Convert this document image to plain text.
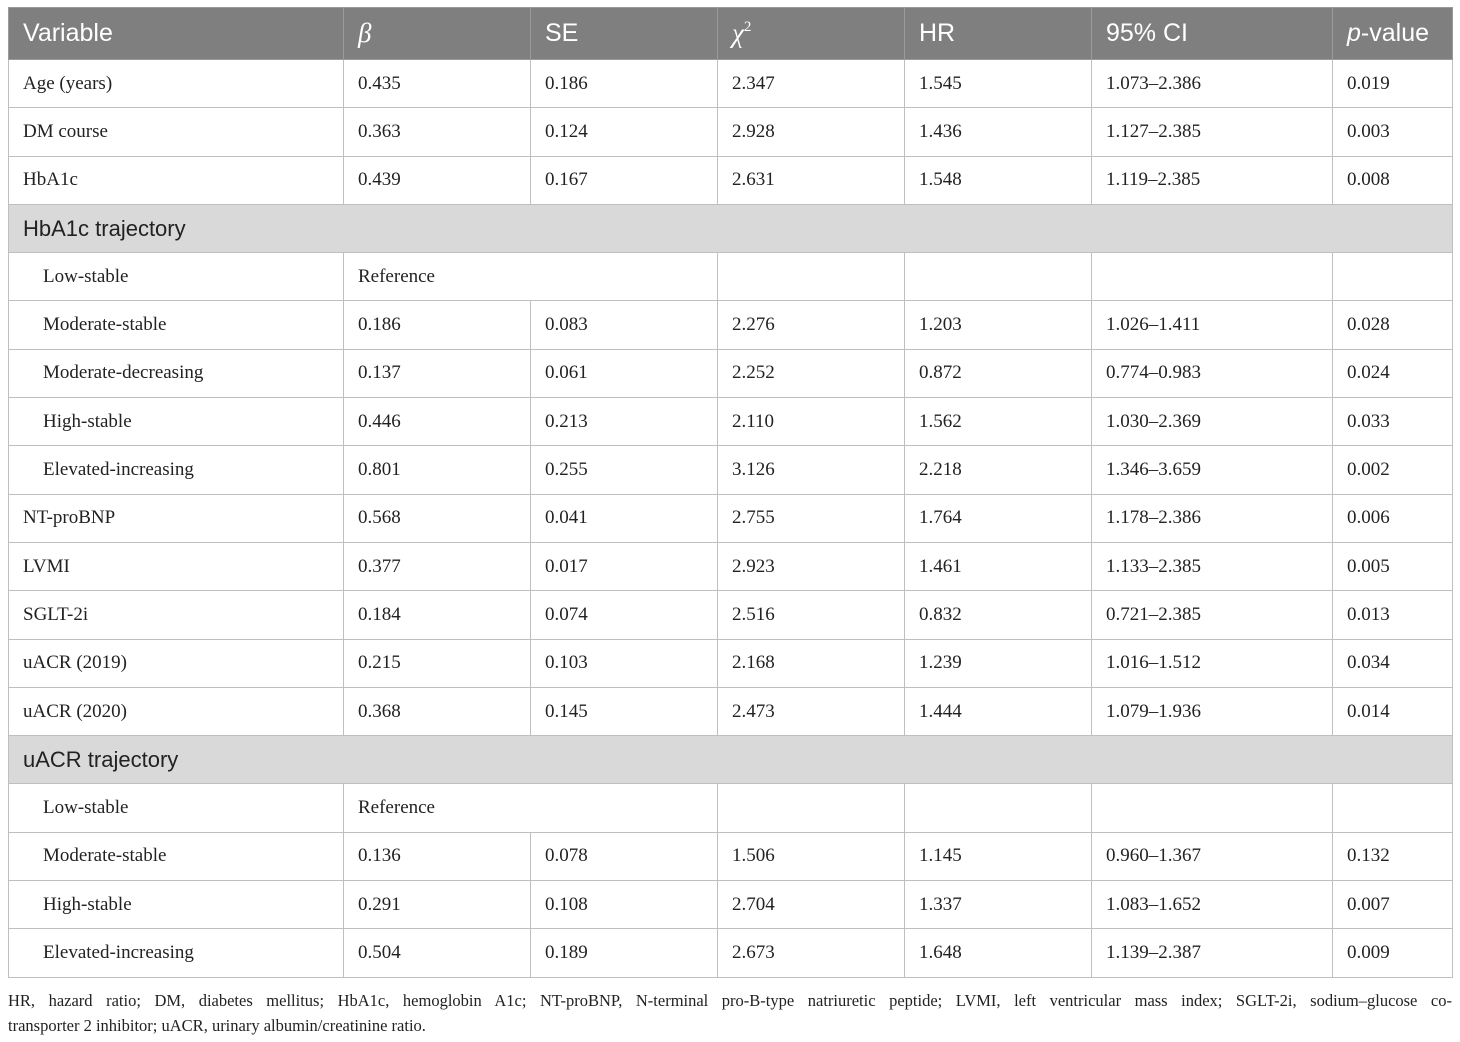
Variable	β	SE	$\chi^2$	HR	95% CI	p-value
Age (years)	0.435	0.186	2.347	1.545	1.073–2.386	0.019
DM course	0.363	0.124	2.928	1.436	1.127–2.385	0.003
HbA1c	0.439	0.167	2.631	1.548	1.119–2.385	0.008
HbA1c trajectory						
Low-stable	Reference					
Moderate-stable	0.186	0.083	2.276	1.203	1.026–1.411	0.028
Moderate-decreasing	0.137	0.061	2.252	0.872	0.774–0.983	0.024
High-stable	0.446	0.213	2.110	1.562	1.030–2.369	0.033
Elevated-increasing	0.801	0.255	3.126	2.218	1.346–3.659	0.002
NT-proBNP	0.568	0.041	2.755	1.764	1.178–2.386	0.006
LVMI	0.377	0.017	2.923	1.461	1.133–2.385	0.005
SGLT-2i	0.184	0.074	2.516	0.832	0.721–2.385	0.013
uACR (2019)	0.215	0.103	2.168	1.239	1.016–1.512	0.034
uACR (2020)	0.368	0.145	2.473	1.444	1.079–1.936	0.014
uACR trajectory						
Low-stable	Reference					
Moderate-stable	0.136	0.078	1.506	1.145	0.960–1.367	0.132
High-stable	0.291	0.108	2.704	1.337	1.083–1.652	0.007
Elevated-increasing	0.504	0.189	2.673	1.648	1.139–2.387	0.009
HR, hazard ratio; DM, diabetes mellitus; HbA1c, hemoglobin A1c; NT-proBNP, N-terminal pro-B-type natriuretic peptide; LVMI, left ventricular mass index; SGLT-2i, sodium–glucose co-
transporter 2 inhibitor; uACR, urinary albumin/creatinine ratio.
